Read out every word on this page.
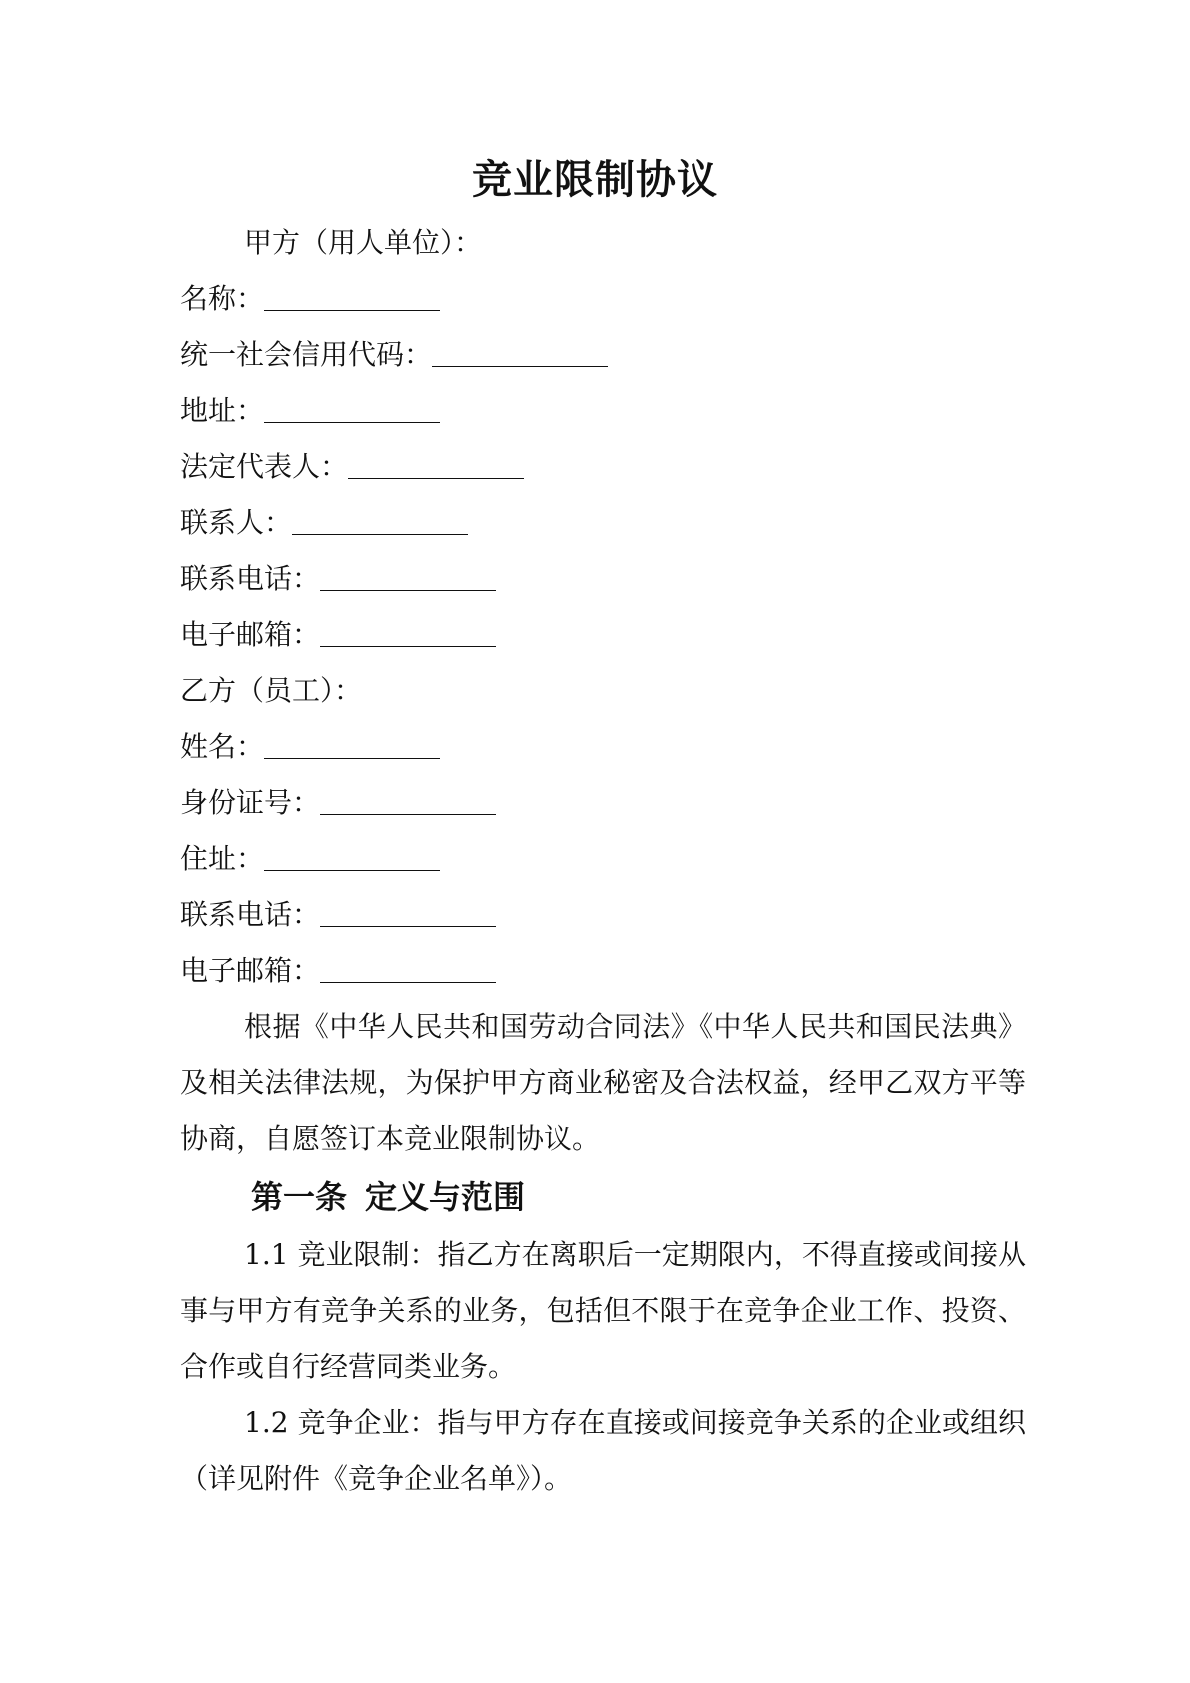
竞业限制协议

甲方（用人单位）：

名称：

统一社会信用代码：

地址：

法定代表人：

联系人：

联系电话：

电子邮箱：

乙方（员工）：

姓名：

身份证号：

住址：

联系电话：

电子邮箱：

根据《中华人民共和国劳动合同法》《中华人民共和国民法典》及相关法律法规，为保护甲方商业秘密及合法权益，经甲乙双方平等协商，自愿签订本竞业限制协议。

第一条 定义与范围

1.1 竞业限制：指乙方在离职后一定期限内，不得直接或间接从事与甲方有竞争关系的业务，包括但不限于在竞争企业工作、投资、合作或自行经营同类业务。

1.2 竞争企业：指与甲方存在直接或间接竞争关系的企业或组织（详见附件《竞争企业名单》）。
